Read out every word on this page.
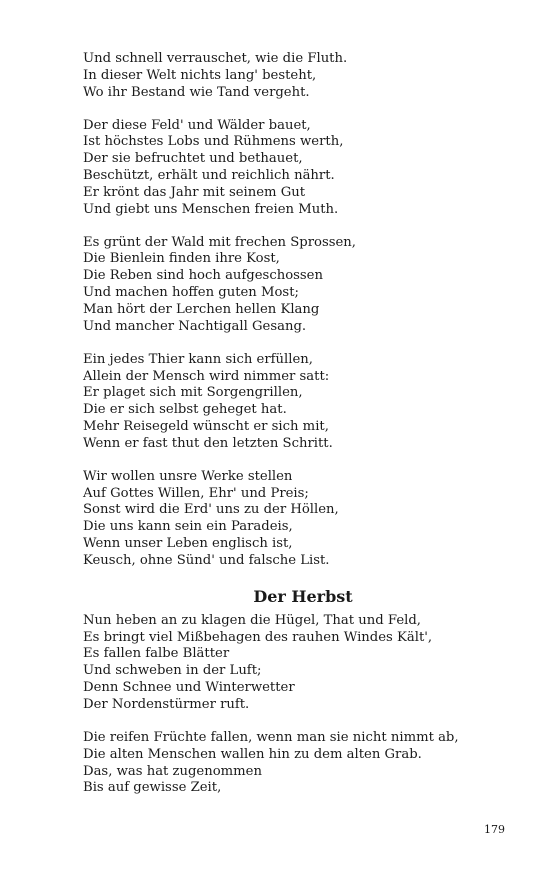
Und schnell verrauschet, wie die Fluth.
In dieser Welt nichts lang' besteht,
Wo ihr Bestand wie Tand vergeht.
Der diese Feld' und Wälder bauet,
Ist höchstes Lobs und Rühmens werth,
Der sie befruchtet und bethauet,
Beschützt, erhält und reichlich nährt.
Er krönt das Jahr mit seinem Gut
Und giebt uns Menschen freien Muth.
Es grünt der Wald mit frechen Sprossen,
Die Bienlein finden ihre Kost,
Die Reben sind hoch aufgeschossen
Und machen hoffen guten Most;
Man hört der Lerchen hellen Klang
Und mancher Nachtigall Gesang.
Ein jedes Thier kann sich erfüllen,
Allein der Mensch wird nimmer satt:
Er plaget sich mit Sorgengrillen,
Die er sich selbst geheget hat.
Mehr Reisegeld wünscht er sich mit,
Wenn er fast thut den letzten Schritt.
Wir wollen unsre Werke stellen
Auf Gottes Willen, Ehr' und Preis;
Sonst wird die Erd' uns zu der Höllen,
Die uns kann sein ein Paradeis,
Wenn unser Leben englisch ist,
Keusch, ohne Sünd' und falsche List.
Der Herbst
Nun heben an zu klagen die Hügel, That und Feld,
Es bringt viel Mißbehagen des rauhen Windes Kält',
Es fallen falbe Blätter
Und schweben in der Luft;
Denn Schnee und Winterwetter
Der Nordenstürmer ruft.
Die reifen Früchte fallen, wenn man sie nicht nimmt ab,
Die alten Menschen wallen hin zu dem alten Grab.
Das, was hat zugenommen
Bis auf gewisse Zeit,
179
